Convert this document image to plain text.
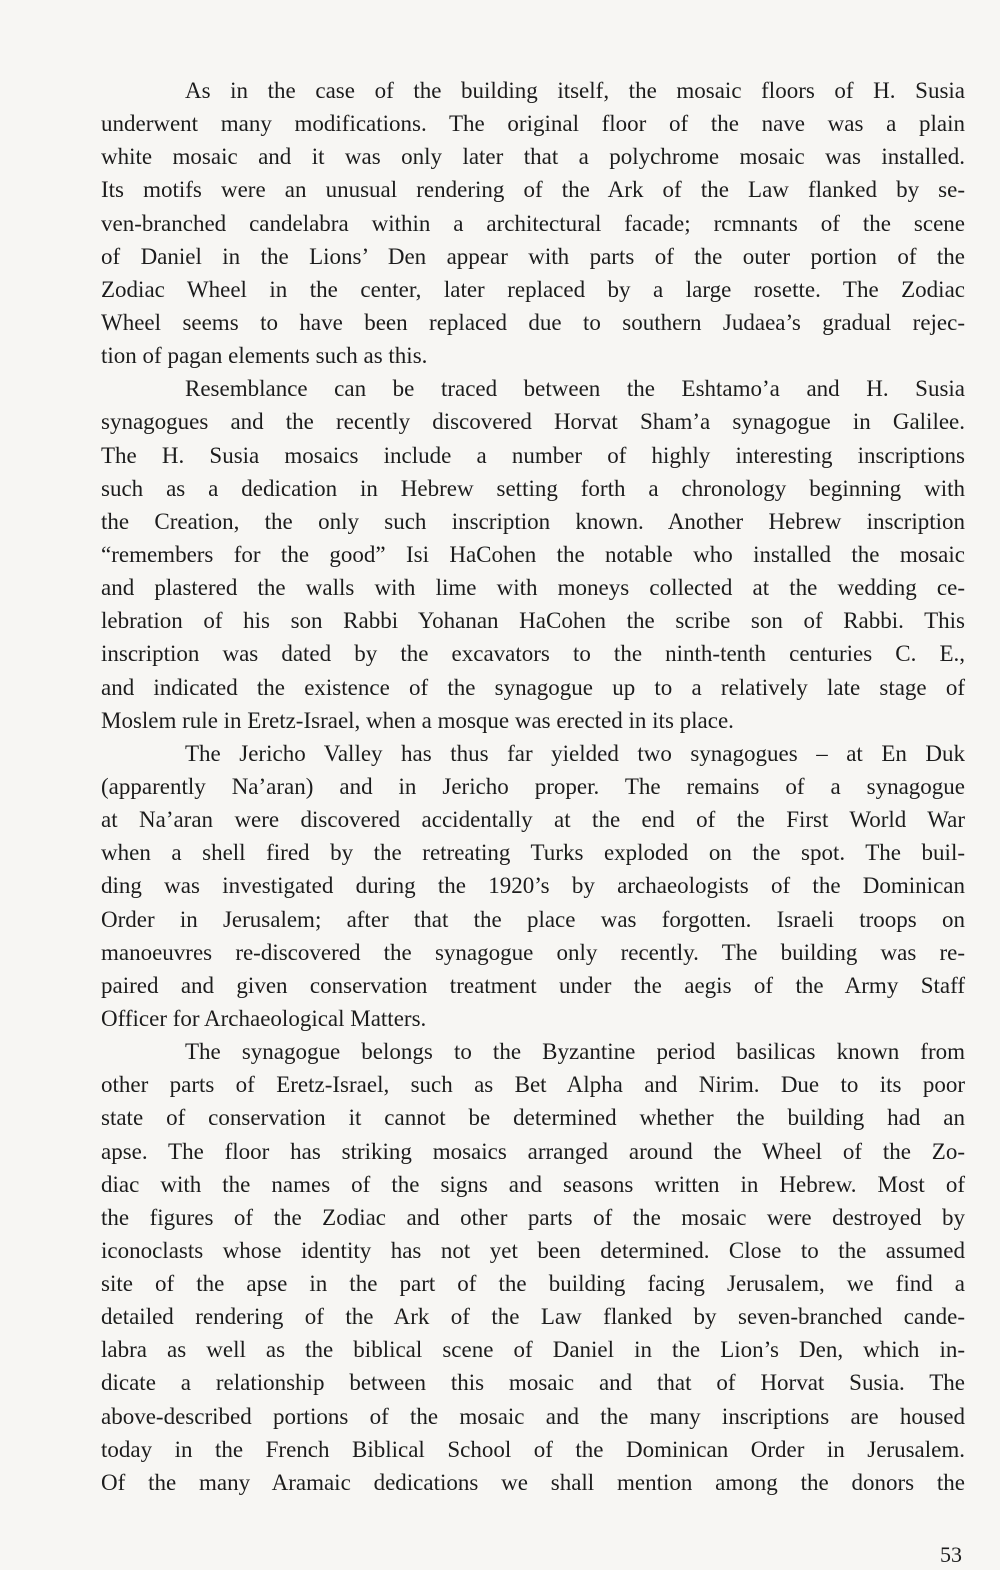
As in the case of the building itself, the mosaic floors of H. Susia
underwent many modifications. The original floor of the nave was a plain
white mosaic and it was only later that a polychrome mosaic was installed.
Its motifs were an unusual rendering of the Ark of the Law flanked by se-
ven-branched candelabra within a architectural facade; rcmnants of the scene
of Daniel in the Lions’ Den appear with parts of the outer portion of the
Zodiac Wheel in the center, later replaced by a large rosette. The Zodiac
Wheel seems to have been replaced due to southern Judaea’s gradual rejec-
tion of pagan elements such as this.
Resemblance can be traced between the Eshtamo’a and H. Susia
synagogues and the recently discovered Horvat Sham’a synagogue in Galilee.
The H. Susia mosaics include a number of highly interesting inscriptions
such as a dedication in Hebrew setting forth a chronology beginning with
the Creation, the only such inscription known. Another Hebrew inscription
“remembers for the good” Isi HaCohen the notable who installed the mosaic
and plastered the walls with lime with moneys collected at the wedding ce-
lebration of his son Rabbi Yohanan HaCohen the scribe son of Rabbi. This
inscription was dated by the excavators to the ninth-tenth centuries C. E.,
and indicated the existence of the synagogue up to a relatively late stage of
Moslem rule in Eretz-Israel, when a mosque was erected in its place.
The Jericho Valley has thus far yielded two synagogues – at En Duk
(apparently Na’aran) and in Jericho proper. The remains of a synagogue
at Na’aran were discovered accidentally at the end of the First World War
when a shell fired by the retreating Turks exploded on the spot. The buil-
ding was investigated during the 1920’s by archaeologists of the Dominican
Order in Jerusalem; after that the place was forgotten. Israeli troops on
manoeuvres re-discovered the synagogue only recently. The building was re-
paired and given conservation treatment under the aegis of the Army Staff
Officer for Archaeological Matters.
The synagogue belongs to the Byzantine period basilicas known from
other parts of Eretz-Israel, such as Bet Alpha and Nirim. Due to its poor
state of conservation it cannot be determined whether the building had an
apse. The floor has striking mosaics arranged around the Wheel of the Zo-
diac with the names of the signs and seasons written in Hebrew. Most of
the figures of the Zodiac and other parts of the mosaic were destroyed by
iconoclasts whose identity has not yet been determined. Close to the assumed
site of the apse in the part of the building facing Jerusalem, we find a
detailed rendering of the Ark of the Law flanked by seven-branched cande-
labra as well as the biblical scene of Daniel in the Lion’s Den, which in-
dicate a relationship between this mosaic and that of Horvat Susia. The
above-described portions of the mosaic and the many inscriptions are housed
today in the French Biblical School of the Dominican Order in Jerusalem.
Of the many Aramaic dedications we shall mention among the donors the
53
